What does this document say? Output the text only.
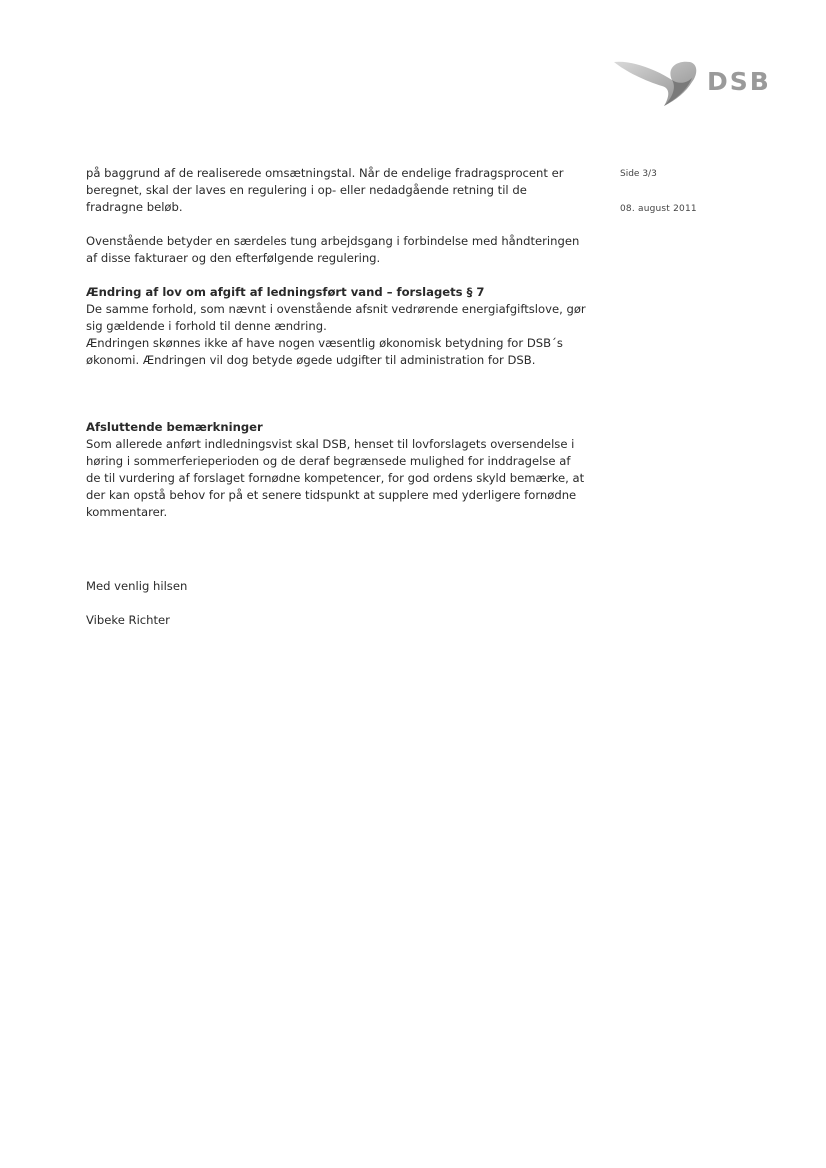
DSB
Side 3/3
08. august 2011

på baggrund af de realiserede omsætningstal. Når de endelige fradragsprocent er beregnet, skal der laves en regulering i op- eller nedadgående retning til de fradragne beløb.

Ovenstående betyder en særdeles tung arbejdsgang i forbindelse med håndteringen af disse fakturaer og den efterfølgende regulering.

Ændring af lov om afgift af ledningsført vand – forslagets § 7

De samme forhold, som nævnt i ovenstående afsnit vedrørende energiafgiftslove, gør sig gældende i forhold til denne ændring.

Ændringen skønnes ikke af have nogen væsentlig økonomisk betydning for DSB´s økonomi. Ændringen vil dog betyde øgede udgifter til administration for DSB.

Afsluttende bemærkninger

Som allerede anført indledningsvist skal DSB, henset til lovforslagets oversendelse i høring i sommerferieperioden og de deraf begrænsede mulighed for inddragelse af de til vurdering af forslaget fornødne kompetencer, for god ordens skyld bemærke, at der kan opstå behov for på et senere tidspunkt at supplere med yderligere fornødne kommentarer.

Med venlig hilsen

Vibeke Richter
